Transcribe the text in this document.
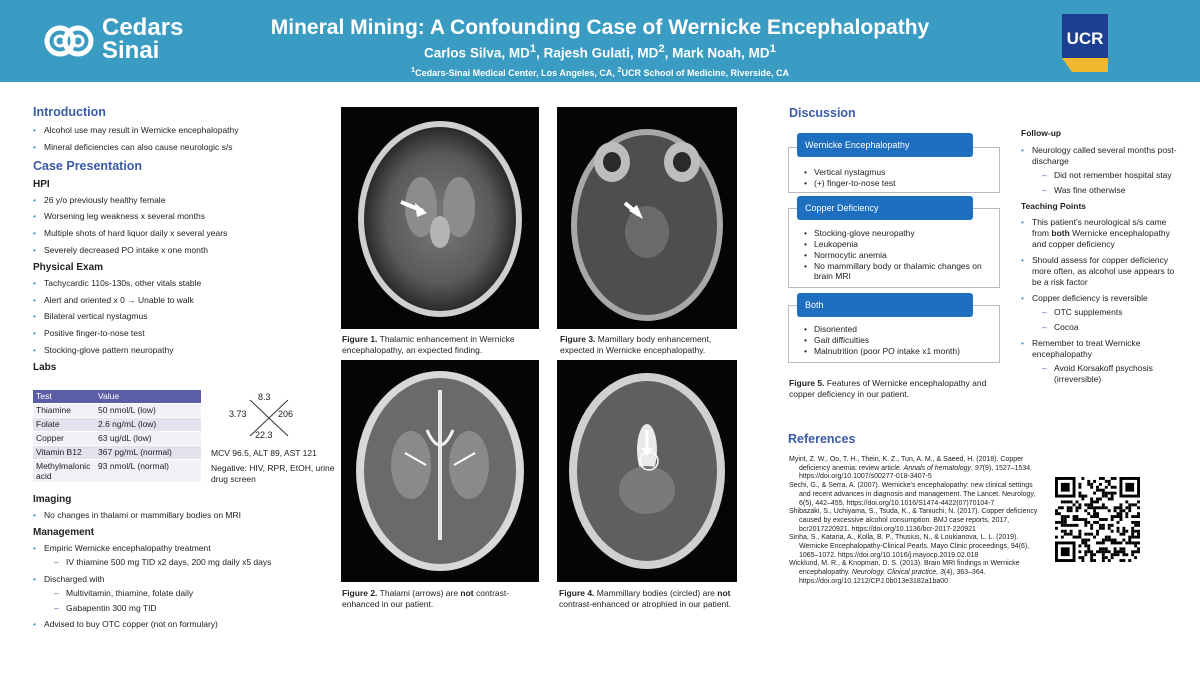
Cedars
Sinai
Mineral Mining: A Confounding Case of Wernicke Encephalopathy
Carlos Silva, $MD^1$, Rajesh Gulati, $MD^2$, Mark Noah, $MD^1$
$^1$Cedars-Sinai Medical Center, Los Angeles, CA, $^2$UCR School of Medicine, Riverside, CA
UCR
Introduction
• Alcohol use may result in Wernicke encephalopathy
• Mineral deficiencies can also cause neurologic s/s
Case Presentation
HPI
• 26 y/o previously healthy female
• Worsening leg weakness x several months
• Multiple shots of hard liquor daily x several years
• Severely decreased PO intake x one month
Physical Exam
• Tachycardic 110s-130s, other vitals stable
• Alert and oriented x 0 → Unable to walk
• Bilateral vertical nystagmus
• Positive finger-to-nose test
• Stocking-glove pattern neuropathy
Labs
Test	Value
Thiamine	50 nmol/L (low)
Folate	2.6 ng/mL (low)
Copper	63 ug/dL (low)
Vitamin B12	367 pg/mL (normal)
Methylmalonic acid	93 nmol/L (normal)
8.3
3.73	206
22.3
MCV 96.5, ALT 89, AST 121
Negative: HIV, RPR, EtOH, urine drug screen
Imaging
• No changes in thalami or mammillary bodies on MRI
Management
• Empiric Wernicke encephalopathy treatment
– IV thiamine 500 mg TID x2 days, 200 mg daily x5 days
• Discharged with
– Multivitamin, thiamine, folate daily
– Gabapentin 300 mg TID
• Advised to buy OTC copper (not on formulary)
Figure 1. Thalamic enhancement in Wernicke encephalopathy, an expected finding.
Figure 3. Mamillary body enhancement, expected in Wernicke encephalopathy.
Figure 2. Thalami (arrows) are not contrast-enhanced in our patient.
Figure 4. Mammillary bodies (circled) are not contrast-enhanced or atrophied in our patient.
Discussion
Wernicke Encephalopathy
• Vertical nystagmus
• (+) finger-to-nose test
Copper Deficiency
• Stocking-glove neuropathy
• Leukopenia
• Normocytic anemia
• No mammillary body or thalamic changes on brain MRI
Both
• Disoriented
• Gait difficulties
• Malnutrition (poor PO intake x1 month)
Figure 5. Features of Wernicke encephalopathy and copper deficiency in our patient.
Follow-up
• Neurology called several months post-discharge
– Did not remember hospital stay
– Was fine otherwise
Teaching Points
• This patient's neurological s/s came from both Wernicke encephalopathy and copper deficiency
• Should assess for copper deficiency more often, as alcohol use appears to be a risk factor
• Copper deficiency is reversible
– OTC supplements
– Cocoa
• Remember to treat Wernicke encephalopathy
– Avoid Korsakoff psychosis (irreversible)
References

Myint, Z. W., Oo, T. H., Thein, K. Z., Tun, A. M., & Saeed, H. (2018). Copper deficiency anemia: review article. Annals of hematology, 97(9), 1527–1534. https://doi.org/10.1007/s00277-018-3407-5

Sechi, G., & Serra, A. (2007). Wernicke's encephalopathy: new clinical settings and recent advances in diagnosis and management. The Lancet. Neurology, 6(5), 442–455. https://doi.org/10.1016/S1474-4422(07)70104-7

Shibazaki, S., Uchiyama, S., Tsuda, K., & Taniuchi, N. (2017). Copper deficiency caused by excessive alcohol consumption. BMJ case reports, 2017, bcr2017220921. https://doi.org/10.1136/bcr-2017-220921

Sinha, S., Kataria, A., Kolla, B. P., Thusius, N., & Loukianova, L. L. (2019). Wernicke Encephalopathy-Clinical Pearls. Mayo Clinic proceedings, 94(6), 1065–1072. https://doi.org/10.1016/j.mayocp.2019.02.018

Wicklund, M. R., & Knopman, D. S. (2013). Brain MRI findings in Wernicke encephalopathy. Neurology. Clinical practice, 3(4), 363–364. https://doi.org/10.1212/CPJ.0b013e3182a1ba00
